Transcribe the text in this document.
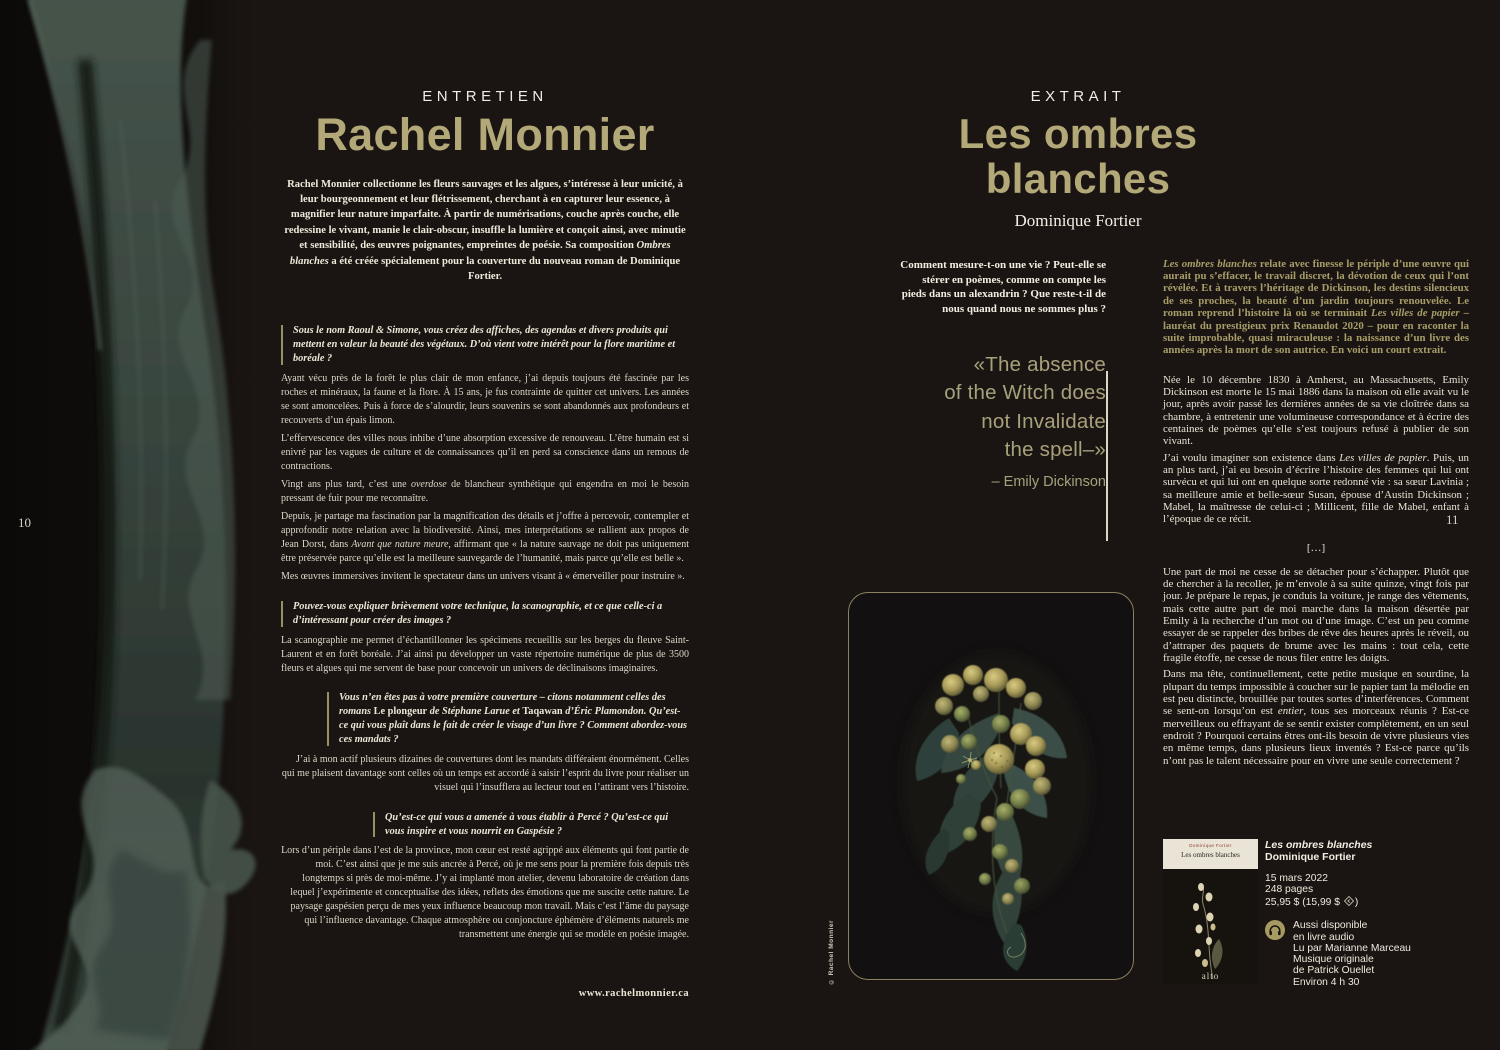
10	11
ENTRETIEN
Rachel Monnier

Rachel Monnier collectionne les fleurs sauvages et les algues, s’intéresse à leur unicité, à leur bourgeonnement et leur flétrissement, cherchant à en capturer leur essence, à magnifier leur nature imparfaite. À partir de numérisations, couche après couche, elle redessine le vivant, manie le clair-obscur, insuffle la lumière et conçoit ainsi, avec minutie et sensibilité, des œuvres poignantes, empreintes de poésie. Sa composition Ombres blanches a été créée spécialement pour la couverture du nouveau roman de Dominique Fortier.

Sous le nom Raoul & Simone, vous créez des affiches, des agendas et divers produits qui mettent en valeur la beauté des végétaux. D’où vient votre intérêt pour la flore maritime et boréale ?

Ayant vécu près de la forêt le plus clair de mon enfance, j’ai depuis toujours été fascinée par les roches et minéraux, la faune et la flore. À 15 ans, je fus contrainte de quitter cet univers. Les années se sont amoncelées. Puis à force de s’alourdir, leurs souvenirs se sont abandonnés aux profondeurs et recouverts d’un épais limon.

L’effervescence des villes nous inhibe d’une absorption excessive de renouveau. L’être humain est si enivré par les vagues de culture et de connaissances qu’il en perd sa conscience dans un remous de contractions.

Vingt ans plus tard, c’est une overdose de blancheur synthétique qui engendra en moi le besoin pressant de fuir pour me reconnaître.

Depuis, je partage ma fascination par la magnification des détails et j’offre à percevoir, contempler et approfondir notre relation avec la biodiversité. Ainsi, mes interprétations se rallient aux propos de Jean Dorst, dans Avant que nature meure, affirmant que « la nature sauvage ne doit pas uniquement être préservée parce qu’elle est la meilleure sauvegarde de l’humanité, mais parce qu’elle est belle ».

Mes œuvres immersives invitent le spectateur dans un univers visant à « émerveiller pour instruire ».

Pouvez-vous expliquer brièvement votre technique, la scanographie, et ce que celle-ci a d’intéressant pour créer des images ?

La scanographie me permet d’échantillonner les spécimens recueillis sur les berges du fleuve Saint-Laurent et en forêt boréale. J’ai ainsi pu développer un vaste répertoire numérique de plus de 3500 fleurs et algues qui me servent de base pour concevoir un univers de déclinaisons imaginaires.

Vous n’en êtes pas à votre première couverture – citons notamment celles des romans Le plongeur de Stéphane Larue et Taqawan d’Éric Plamondon. Qu’est-ce qui vous plaît dans le fait de créer le visage d’un livre ? Comment abordez-vous ces mandats ?

J’ai à mon actif plusieurs dizaines de couvertures dont les mandats différaient énormément. Celles qui me plaisent davantage sont celles où un temps est accordé à saisir l’esprit du livre pour réaliser un visuel qui l’insufflera au lecteur tout en l’attirant vers l’histoire.

Qu’est-ce qui vous a amenée à vous établir à Percé ? Qu’est-ce qui vous inspire et vous nourrit en Gaspésie ?

Lors d’un périple dans l’est de la province, mon cœur est resté agrippé aux éléments qui font partie de moi. C’est ainsi que je me suis ancrée à Percé, où je me sens pour la première fois depuis très longtemps si près de moi-même. J’y ai implanté mon atelier, devenu laboratoire de création dans lequel j’expérimente et conceptualise des idées, reflets des émotions que me suscite cette nature. Le paysage gaspésien perçu de mes yeux influence beaucoup mon travail. Mais c’est l’âme du paysage qui l’influence davantage. Chaque atmosphère ou conjoncture éphémère d’éléments naturels me transmettent une énergie qui se modèle en poésie imagée.

www.rachelmonnier.ca
EXTRAIT
Les ombres blanches
Dominique Fortier

Comment mesure-t-on une vie ? Peut-elle se stérer en poèmes, comme on compte les pieds dans un alexandrin ? Que reste-t-il de nous quand nous ne sommes plus ?

«The absence
of the Witch does
not Invalidate
the spell–»
– Emily Dickinson

Les ombres blanches relate avec finesse le périple d’une œuvre qui aurait pu s’effacer, le travail discret, la dévotion de ceux qui l’ont révélée. Et à travers l’héritage de Dickinson, les destins silencieux de ses proches, la beauté d’un jardin toujours renouvelée. Le roman reprend l’histoire là où se terminait Les villes de papier – lauréat du prestigieux prix Renaudot 2020 – pour en raconter la suite improbable, quasi miraculeuse : la naissance d’un livre des années après la mort de son autrice. En voici un court extrait.

Née le 10 décembre 1830 à Amherst, au Massachusetts, Emily Dickinson est morte le 15 mai 1886 dans la maison où elle avait vu le jour, après avoir passé les dernières années de sa vie cloîtrée dans sa chambre, à entretenir une volumineuse correspondance et à écrire des centaines de poèmes qu’elle s’est toujours refusé à publier de son vivant.

J’ai voulu imaginer son existence dans Les villes de papier. Puis, un an plus tard, j’ai eu besoin d’écrire l’histoire des femmes qui lui ont survécu et qui lui ont en quelque sorte redonné vie : sa sœur Lavinia ; sa meilleure amie et belle-sœur Susan, épouse d’Austin Dickinson ; Mabel, la maîtresse de celui-ci ; Millicent, fille de Mabel, enfant à l’époque de ce récit.

[…]

Une part de moi ne cesse de se détacher pour s’échapper. Plutôt que de chercher à la recoller, je m’envole à sa suite quinze, vingt fois par jour. Je prépare le repas, je conduis la voiture, je range des vêtements, mais cette autre part de moi marche dans la maison désertée par Emily à la recherche d’un mot ou d’une image. C’est un peu comme essayer de se rappeler des bribes de rêve des heures après le réveil, ou d’attraper des paquets de brume avec les mains : tout cela, cette fragile étoffe, ne cesse de nous filer entre les doigts.

Dans ma tête, continuellement, cette petite musique en sourdine, la plupart du temps impossible à coucher sur le papier tant la mélodie en est peu distincte, brouillée par toutes sortes d’interférences. Comment se sent-on lorsqu’on est entier, tous ses morceaux réunis ? Est-ce merveilleux ou effrayant de se sentir exister complètement, en un seul endroit ? Pourquoi certains êtres ont-ils besoin de vivre plusieurs vies en même temps, dans plusieurs lieux inventés ? Est-ce parce qu’ils n’ont pas le talent nécessaire pour en vivre une seule correctement ?

© Rachel Monnier
Dominique Fortier
Les ombres blanches
alto
Les ombres blanches
Dominique Fortier
15 mars 2022
248 pages
25,95 $ (15,99 $ )
Aussi disponible
en livre audio
Lu par Marianne Marceau
Musique originale
de Patrick Ouellet
Environ 4 h 30
